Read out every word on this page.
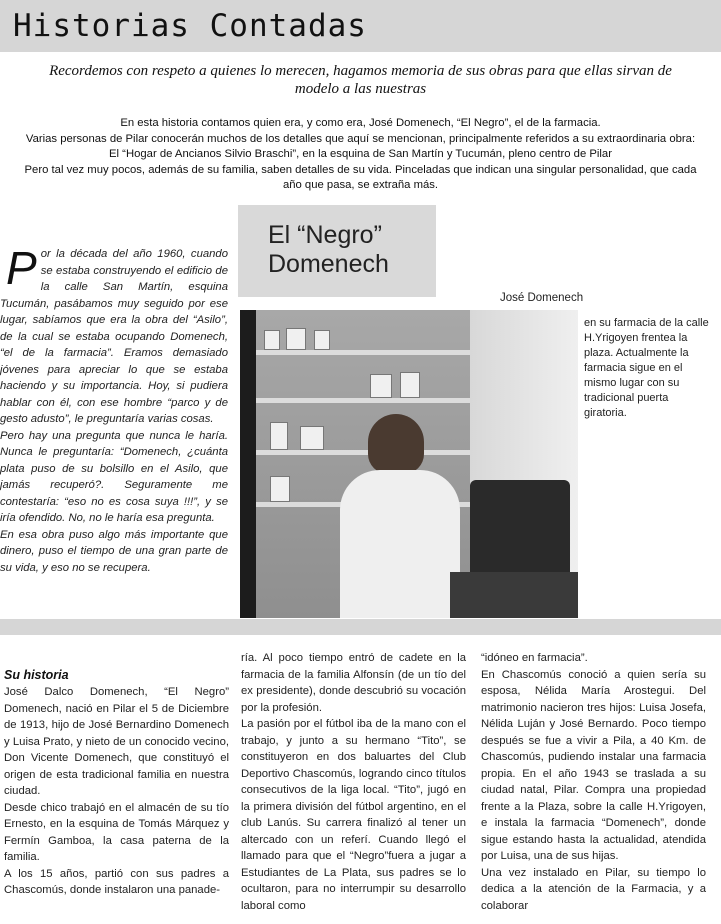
Historias Contadas
Recordemos con respeto a quienes lo merecen, hagamos memoria de sus obras para que ellas sirvan de modelo a las nuestras

En esta historia contamos quien era, y como era, José Domenech, “El Negro”, el de la farmacia.

Varias personas de Pilar conocerán muchos de los detalles que aquí se mencionan, principalmente referidos a su extraordinaria obra:

El “Hogar de Ancianos Silvio Braschi”, en la esquina de San Martín y Tucumán, pleno centro de Pilar

Pero tal vez muy pocos, además de su familia, saben detalles de su vida. Pinceladas que indican una singular personalidad, que cada año que pasa, se extraña más.

El “Negro”
Domenech
José Domenech
en su farmacia de la calle H.Yrigoyen frentea la plaza. Actualmente la farmacia sigue en el mismo lugar con su tradicional puerta giratoria.

Por la década del año 1960, cuando se estaba construyendo el edificio de la calle San Martín, esquina Tucumán, pasábamos muy seguido por ese lugar, sabíamos que era la obra del “Asilo”, de la cual se estaba ocupando Domenech, “el de la farmacia”. Eramos demasiado jóvenes para apreciar lo que se estaba haciendo y su importancia. Hoy, si pudiera hablar con él, con ese hombre “parco y de gesto adusto”, le preguntaría varias cosas.

Pero hay una pregunta que nunca le haría. Nunca le preguntaría: “Domenech, ¿cuánta plata puso de su bolsillo en el Asilo, que jamás recuperó?. Seguramente me contestaría: “eso no es cosa suya !!!”, y se iría ofendido. No, no le haría esa pregunta.

En esa obra puso algo más importante que dinero, puso el tiempo de una gran parte de su vida, y eso no se recupera.

Su historia

José Dalco Domenech, “El Negro” Domenech, nació en Pilar el 5 de Diciembre de 1913, hijo de José Bernardino Domenech y Luisa Prato, y nieto de un conocido vecino, Don Vicente Domenech, que constituyó el origen de esta tradicional familia en nuestra ciudad.

Desde chico trabajó en el almacén de su tío Ernesto, en la esquina de Tomás Márquez y Fermín Gamboa, la casa paterna de la familia.

A los 15 años, partió con sus padres a Chascomús, donde instalaron una panade-

ría. Al poco tiempo entró de cadete en la farmacia de la familia Alfonsín (de un tío del ex presidente), donde descubrió su vocación por la profesión.

La pasión por el fútbol iba de la mano con el trabajo, y junto a su hermano “Tito”, se constituyeron en dos baluartes del Club Deportivo Chascomús, logrando cinco títulos consecutivos de la liga local. “Tito”, jugó en la primera división del fútbol argentino, en el club Lanús. Su carrera finalizó al tener un altercado con un referí. Cuando llegó el llamado para que el “Negro”fuera a jugar a Estudiantes de La Plata, sus padres se lo ocultaron, para no interrumpir su desarrollo laboral como

“idóneo en farmacia”.

En Chascomús conoció a quien sería su esposa, Nélida María Arostegui. Del matrimonio nacieron tres hijos: Luisa Josefa, Nélida Luján y José Bernardo. Poco tiempo después se fue a vivir a Pila, a 40 Km. de Chascomús, pudiendo instalar una farmacia propia. En el año 1943 se traslada a su ciudad natal, Pilar. Compra una propiedad frente a la Plaza, sobre la calle H.Yrigoyen, e instala la farmacia “Domenech”, donde sigue estando hasta la actualidad, atendida por Luisa, una de sus hijas.

Una vez instalado en Pilar, su tiempo lo dedica a la atención de la Farmacia, y a colaborar
